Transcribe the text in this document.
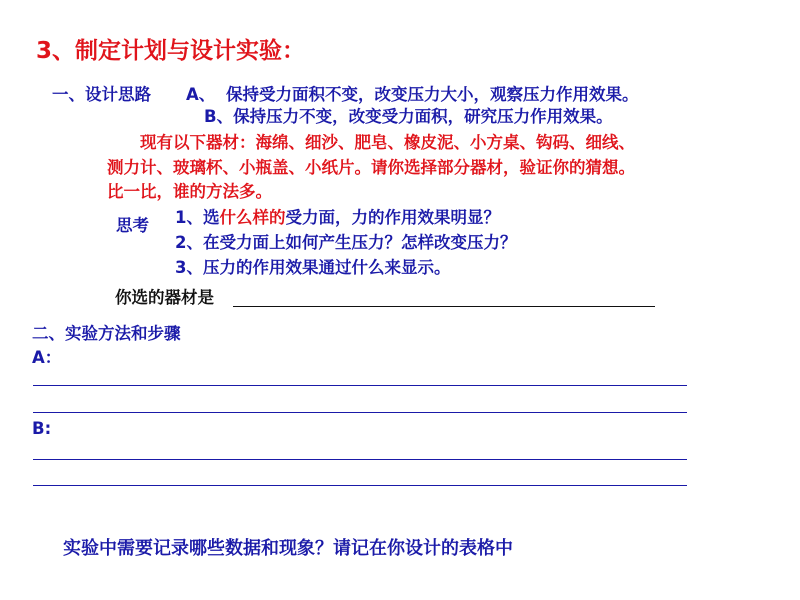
3、制定计划与设计实验：
一、设计思路 A、 保持受力面积不变，改变压力大小，观察压力作用效果。
B、保持压力不变，改变受力面积，研究压力作用效果。
现有以下器材：海绵、细沙、肥皂、橡皮泥、小方桌、钩码、细线、
测力计、玻璃杯、小瓶盖、小纸片。请你选择部分器材，验证你的猜想。
比一比，谁的方法多。
思考 1、选什么样的受力面，力的作用效果明显？
2、在受力面上如何产生压力？怎样改变压力？
3、压力的作用效果通过什么来显示。
你选的器材是
二、实验方法和步骤
A：
B:
实验中需要记录哪些数据和现象？请记在你设计的表格中
